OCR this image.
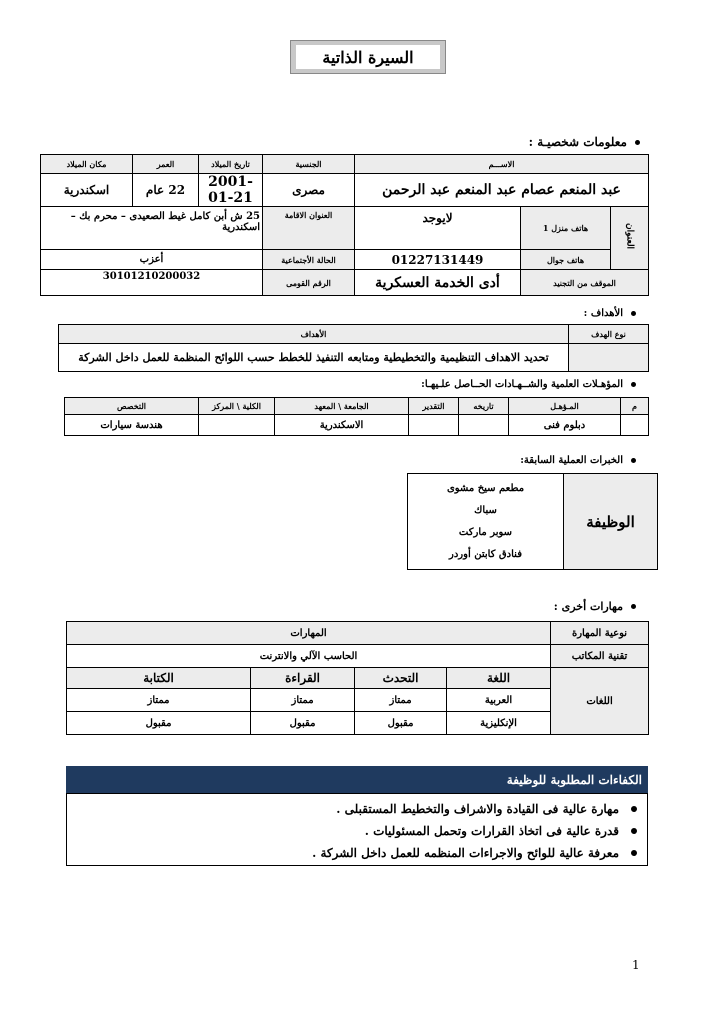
السيرة الذاتية
معلومات شخصيـة :
الاســـم			الجنسية	تاريخ الميلاد	العمر	مكان الميلاد
عبد المنعم عصام عبد المنعم عبد الرحمن			مصرى	2001-01-21	22 عام	اسكندرية
العنوان	هاتف منزل 1	لايوجد	العنوان الاقامة	25 ش أبن كامل غيط الصعيدى – محرم بك – اسكندرية		
	هاتف جوال	01227131449	الحالة الأجتماعية	أعزب		
الموقف من التجنيد		أدى الخدمة العسكرية	الرقم القومى	30101210200032		
الأهداف :
نوع الهدف	الأهداف
	تحديد الاهداف التنظيمية والتخطيطية ومتابعه التنفيذ للخطط حسب اللوائح المنظمة للعمل داخل الشركة
المؤهـلات العلمية والشــهـادات الحــاصل علـيهـا:
م	المـؤهـل	تاريخه	التقدير	الجامعة \ المعهد	الكلية \ المركز	التخصص
	دبلوم فنى			الاسكندرية		هندسة سيارات
الخبرات العملية السابقة:
الوظيفة	
مطعم سيخ مشوى
سباك
سوبر ماركت
فنادق كابتن أوردر
مهارات أخرى :
نوعية المهارة	المهارات			
تقنية المكاتب	الحاسب الآلي والانترنت			
اللغات	اللغة	التحدث	القراءة	الكتابة
	العربية	ممتاز	ممتاز	ممتاز
	الإنكليزية	مقبول	مقبول	مقبول
الكفاءات المطلوبة للوظيفة
مهارة عالية فى القيادة والاشراف والتخطيط المستقبلى .
قدرة عالية فى اتخاذ القرارات وتحمل المسئوليات .
معرفة عالية للوائح والاجراءات المنظمه للعمل داخل الشركة .
1
